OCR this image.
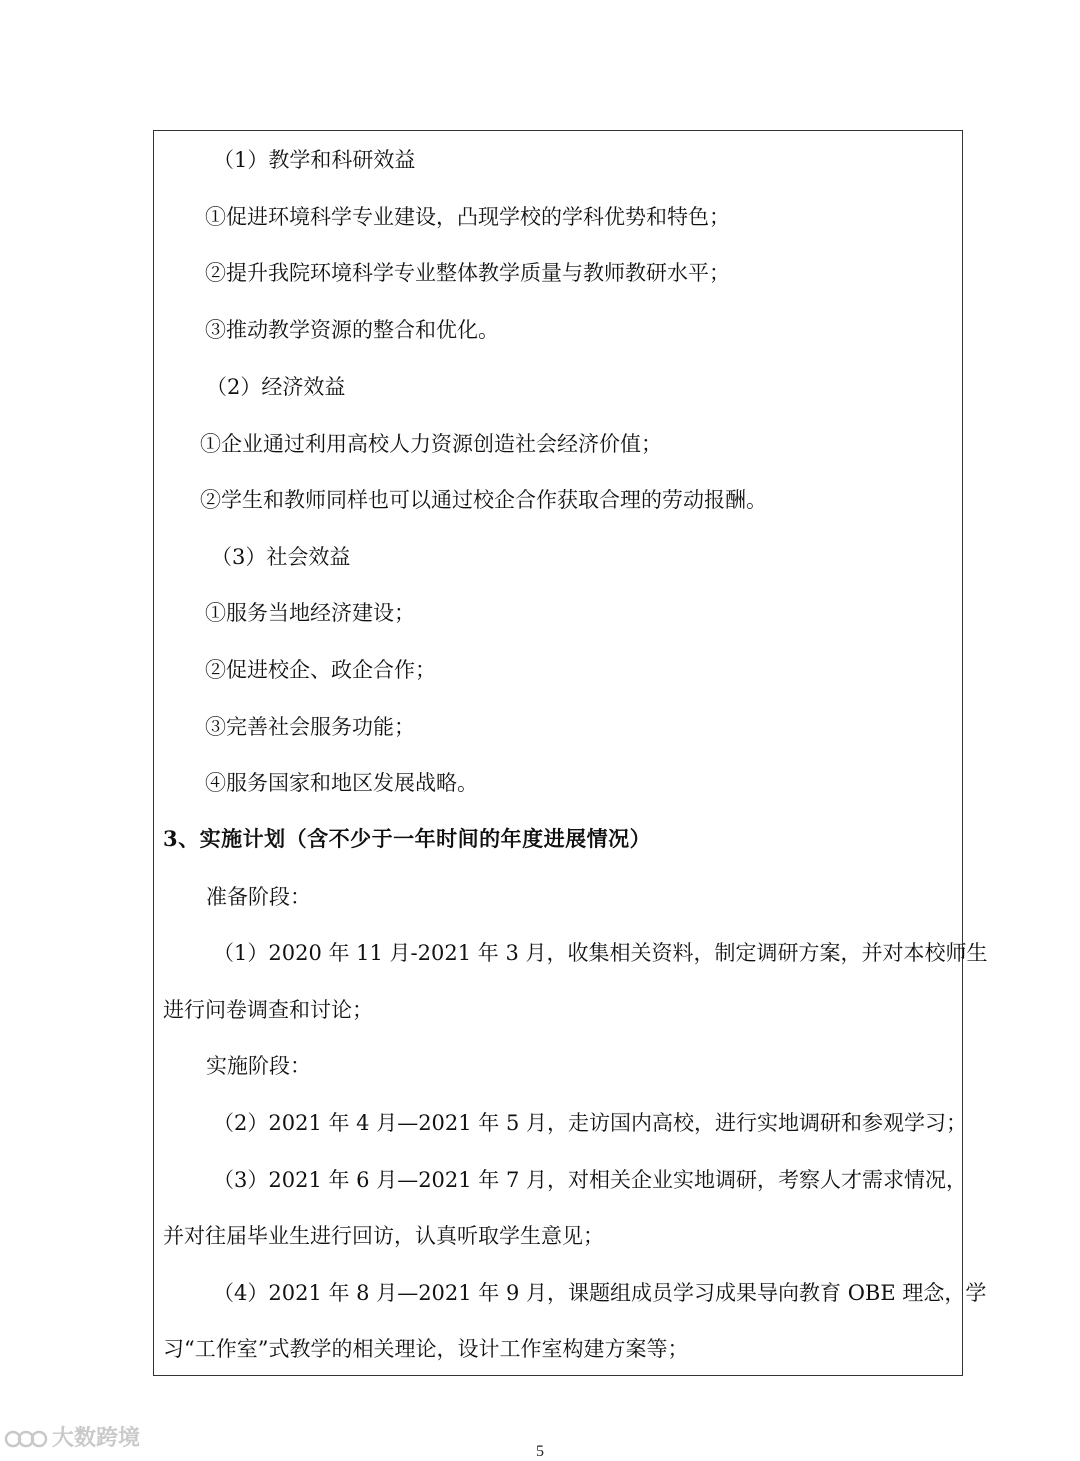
（1）教学和科研效益
①促进环境科学专业建设，凸现学校的学科优势和特色；
②提升我院环境科学专业整体教学质量与教师教研水平；
③推动教学资源的整合和优化。
（2）经济效益
①企业通过利用高校人力资源创造社会经济价值；
②学生和教师同样也可以通过校企合作获取合理的劳动报酬。
（3）社会效益
①服务当地经济建设；
②促进校企、政企合作；
③完善社会服务功能；
④服务国家和地区发展战略。
3、实施计划（含不少于一年时间的年度进展情况）
准备阶段：
（1）2020 年 11 月-2021 年 3 月，收集相关资料，制定调研方案，并对本校师生
进行问卷调查和讨论；
实施阶段：
（2）2021 年 4 月—2021 年 5 月，走访国内高校，进行实地调研和参观学习；
（3）2021 年 6 月—2021 年 7 月，对相关企业实地调研，考察人才需求情况，
并对往届毕业生进行回访，认真听取学生意见；
（4）2021 年 8 月—2021 年 9 月，课题组成员学习成果导向教育 OBE 理念，学
习“工作室”式教学的相关理论，设计工作室构建方案等；
大数跨境
5
